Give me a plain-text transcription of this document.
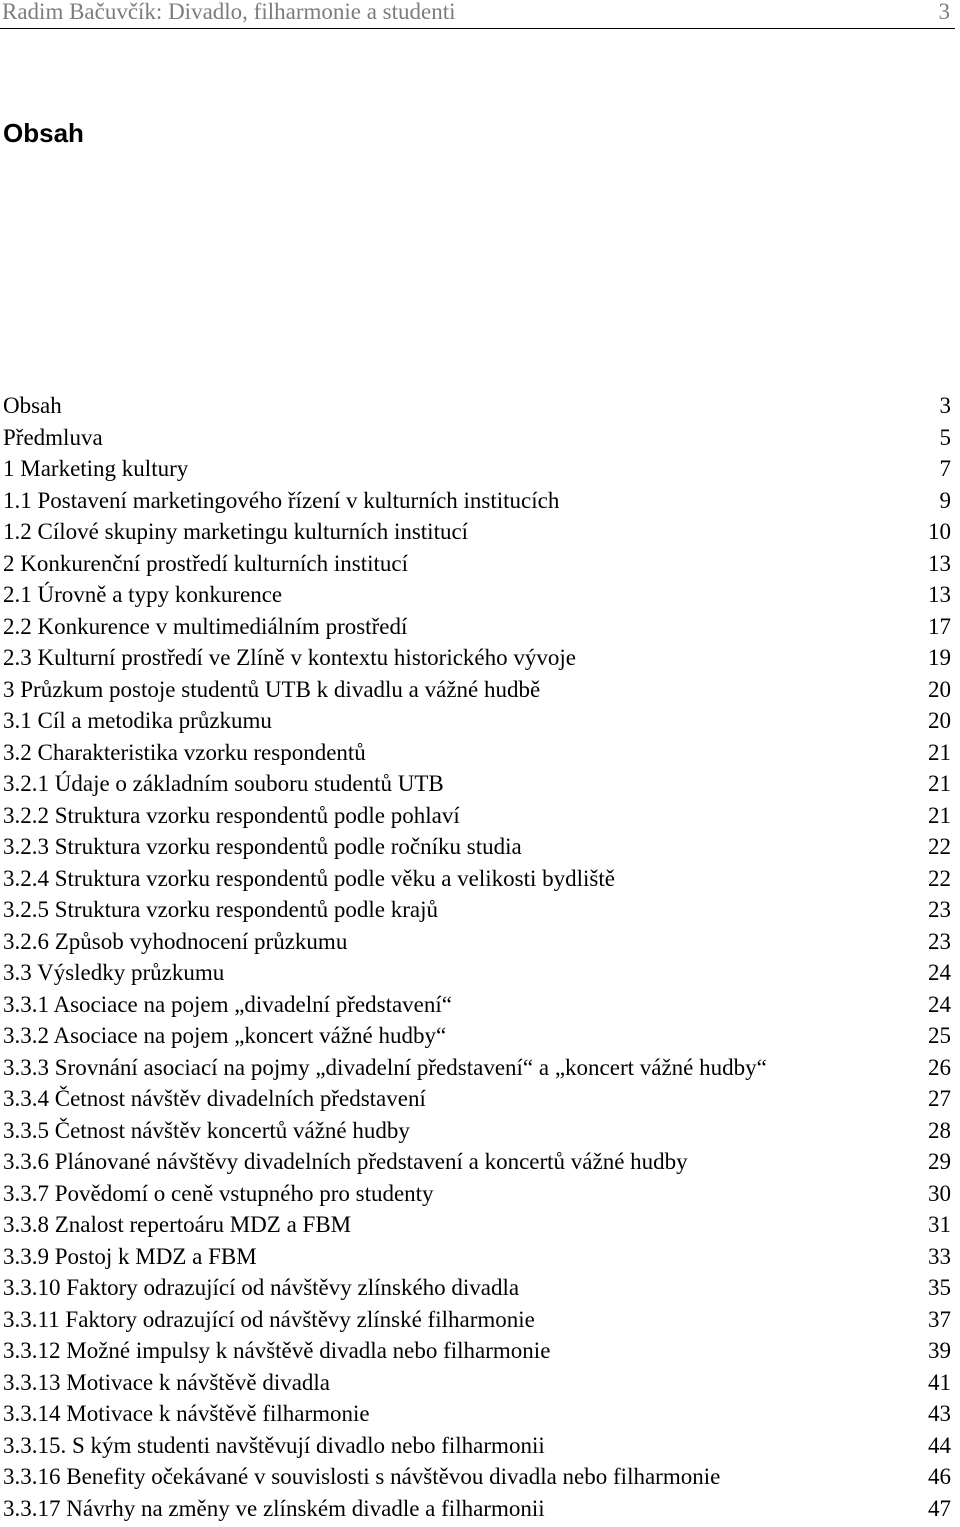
Radim Bačuvčík: Divadlo, filharmonie a studenti	3
Obsah
Obsah	3
Předmluva	5
1 Marketing kultury	7
1.1 Postavení marketingového řízení v kulturních institucích	9
1.2 Cílové skupiny marketingu kulturních institucí	10
2 Konkurenční prostředí kulturních institucí	13
2.1 Úrovně a typy konkurence	13
2.2 Konkurence v multimediálním prostředí	17
2.3 Kulturní prostředí ve Zlíně v kontextu historického vývoje	19
3 Průzkum postoje studentů UTB k divadlu a vážné hudbě	20
3.1 Cíl a metodika průzkumu	20
3.2 Charakteristika vzorku respondentů	21
3.2.1 Údaje o základním souboru studentů UTB	21
3.2.2 Struktura vzorku respondentů podle pohlaví	21
3.2.3 Struktura vzorku respondentů podle ročníku studia	22
3.2.4 Struktura vzorku respondentů podle věku a velikosti bydliště	22
3.2.5 Struktura vzorku respondentů podle krajů	23
3.2.6 Způsob vyhodnocení průzkumu	23
3.3 Výsledky průzkumu	24
3.3.1 Asociace na pojem „divadelní představení“	24
3.3.2 Asociace na pojem „koncert vážné hudby“	25
3.3.3 Srovnání asociací na pojmy „divadelní představení“ a „koncert vážné hudby“	26
3.3.4 Četnost návštěv divadelních představení	27
3.3.5 Četnost návštěv koncertů vážné hudby	28
3.3.6 Plánované návštěvy divadelních představení a koncertů vážné hudby	29
3.3.7 Povědomí o ceně vstupného pro studenty	30
3.3.8 Znalost repertoáru MDZ a FBM	31
3.3.9 Postoj k MDZ a FBM	33
3.3.10 Faktory odrazující od návštěvy zlínského divadla	35
3.3.11 Faktory odrazující od návštěvy zlínské filharmonie	37
3.3.12 Možné impulsy k návštěvě divadla nebo filharmonie	39
3.3.13 Motivace k návštěvě divadla	41
3.3.14 Motivace k návštěvě filharmonie	43
3.3.15. S kým studenti navštěvují divadlo nebo filharmonii	44
3.3.16 Benefity očekávané v souvislosti s návštěvou divadla nebo filharmonie	46
3.3.17 Návrhy na změny ve zlínském divadle a filharmonii	47
